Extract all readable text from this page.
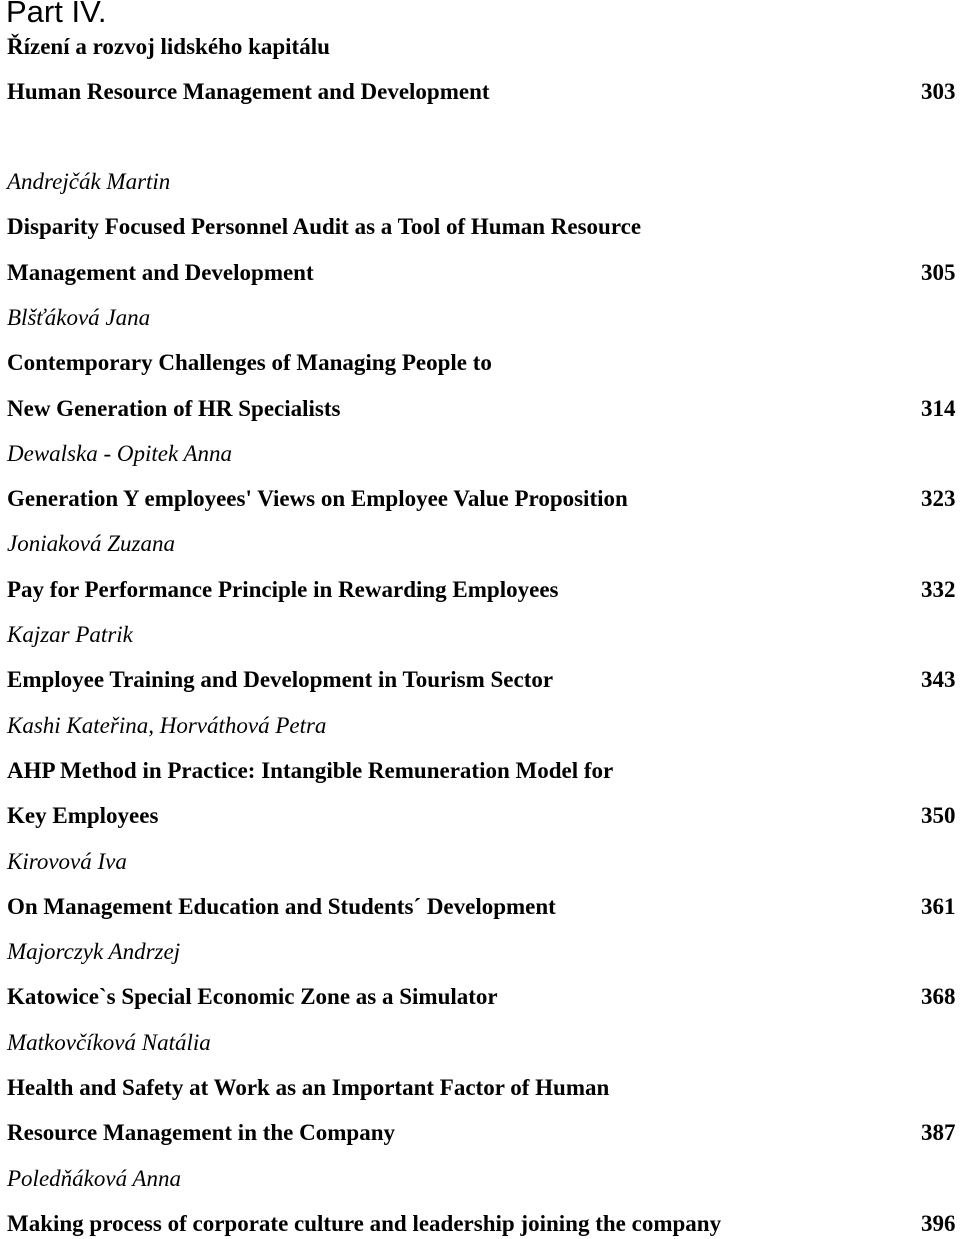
Part IV.
Řízení a rozvoj lidského kapitálu
Human Resource Management and Development	303
Andrejčák Martin
Disparity Focused Personnel Audit as a Tool of Human Resource
Management and Development	305
Blšťáková Jana
Contemporary Challenges of Managing People to
New Generation of HR Specialists	314
Dewalska - Opitek Anna
Generation Y employees' Views on Employee Value Proposition	323
Joniaková Zuzana
Pay for Performance Principle in Rewarding Employees	332
Kajzar Patrik
Employee Training and Development in Tourism Sector	343
Kashi Kateřina, Horváthová Petra
AHP Method in Practice: Intangible Remuneration Model for
Key Employees	350
Kirovová Iva
On Management Education and Students´ Development	361
Majorczyk Andrzej
Katowice`s Special Economic Zone as a Simulator	368
Matkovčíková Natália
Health and Safety at Work as an Important Factor of Human
Resource Management in the Company	387
Poledňáková Anna
Making process of corporate culture and leadership joining the company	396
